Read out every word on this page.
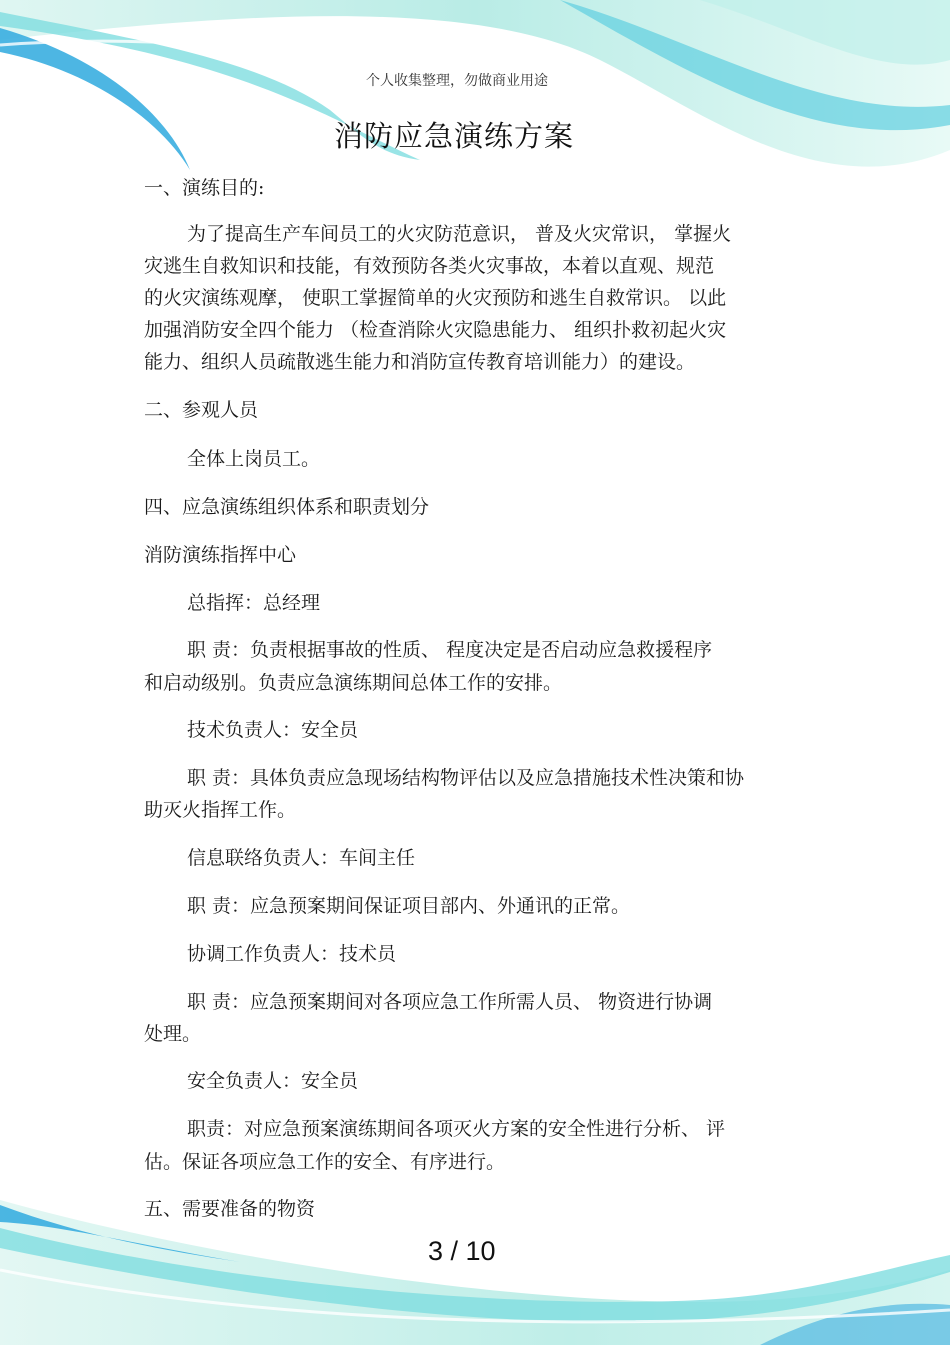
个人收集整理，勿做商业用途
消防应急演练方案
一、演练目的:
为了提高生产车间员工的火灾防范意识， 普及火灾常识， 掌握火
灾逃生自救知识和技能，有效预防各类火灾事故，本着以直观、规范
的火灾演练观摩， 使职工掌握简单的火灾预防和逃生自救常识。 以此
加强消防安全四个能力 （检查消除火灾隐患能力、 组织扑救初起火灾
能力、组织人员疏散逃生能力和消防宣传教育培训能力）的建设。
二、参观人员
全体上岗员工。
四、应急演练组织体系和职责划分
消防演练指挥中心
总指挥：总经理
职 责：负责根据事故的性质、 程度决定是否启动应急救援程序
和启动级别。负责应急演练期间总体工作的安排。
技术负责人：安全员
职 责：具体负责应急现场结构物评估以及应急措施技术性决策和协
助灭火指挥工作。
信息联络负责人：车间主任
职 责：应急预案期间保证项目部内、外通讯的正常。
协调工作负责人：技术员
职 责：应急预案期间对各项应急工作所需人员、 物资进行协调
处理。
安全负责人：安全员
职责：对应急预案演练期间各项灭火方案的安全性进行分析、 评
估。保证各项应急工作的安全、有序进行。
五、需要准备的物资
3 / 10
